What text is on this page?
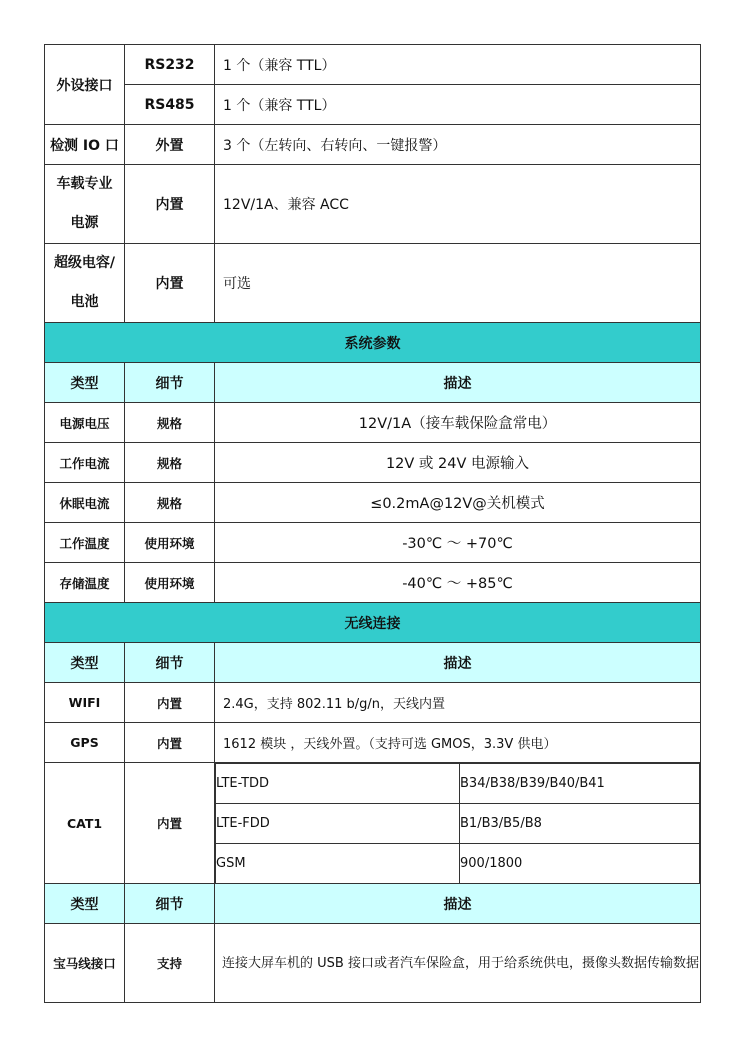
外设接口	RS232	1 个（兼容 TTL）
RS485	1 个（兼容 TTL）
检测 IO 口	外置	3 个（左转向、右转向、一键报警）

车载专业
电源
	内置	12V/1A、兼容 ACC

超级电容/
电池
	内置	可选
系统参数
类型	细节	描述
电源电压	规格	12V/1A（接车载保险盒常电）
工作电流	规格	12V 或 24V 电源输入
休眠电流	规格	≤0.2mA@12V@关机模式
工作温度	使用环境	-30℃ ～ +70℃
存储温度	使用环境	-40℃ ～ +85℃
无线连接
类型	细节	描述
WIFI	内置	2.4G，支持 802.11 b/g/n，天线内置
GPS	内置	1612 模块 ，天线外置。（支持可选 GMOS，3.3V 供电）
CAT1	内置	
LTE-TDD	B34/B38/B39/B40/B41
LTE-FDD	B1/B3/B5/B8
GSM	900/1800

类型	细节	描述
宝马线接口	支持	连接大屏车机的 USB 接口或者汽车保险盒，用于给系统供电，摄像头数据传输数据
